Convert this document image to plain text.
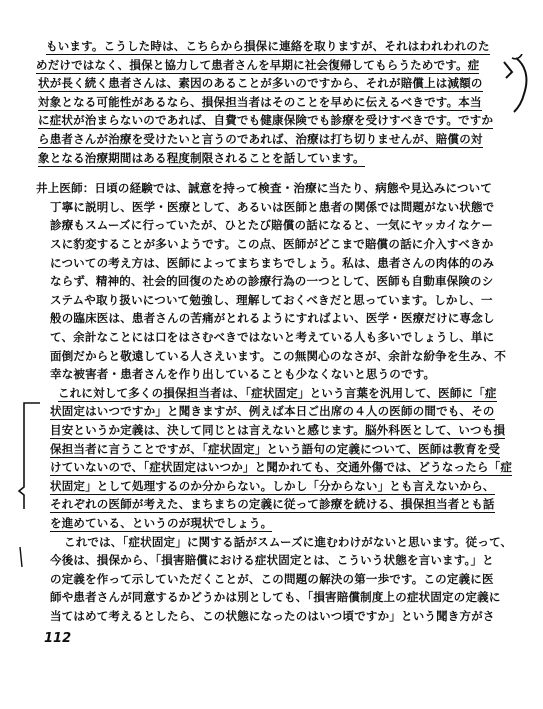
もいます。こうした時は、こちらから損保に連絡を取りますが、それはわれわれのた
めだけではなく、損保と協力して患者さんを早期に社会復帰してもらうためです。症
状が長く続く患者さんは、素因のあることが多いのですから、それが賠償上は減額の
対象となる可能性があるなら、損保担当者はそのことを早めに伝えるべきです。本当
に症状が治まらないのであれば、自費でも健康保険でも診療を受けすべきです。ですか
ら患者さんが治療を受けたいと言うのであれば、治療は打ち切りませんが、賠償の対
象となる治療期間はある程度制限されることを話しています。
井上医師：日頃の経験では、誠意を持って検査・治療に当たり、病態や見込みについて
丁寧に説明し、医学・医療として、あるいは医師と患者の関係では問題がない状態で
診療もスムーズに行っていたが、ひとたび賠償の話になると、一気にヤッカイなケー
スに豹変することが多いようです。この点、医師がどこまで賠償の話に介入すべきか
についての考え方は、医師によってまちまちでしょう。私は、患者さんの肉体的のみ
ならず、精神的、社会的回復のための診療行為の一つとして、医師も自動車保険のシ
ステムや取り扱いについて勉強し、理解しておくべきだと思っています。しかし、一
般の臨床医は、患者さんの苦痛がとれるようにすればよい、医学・医療だけに専念し
て、余計なことには口をはさむべきではないと考えている人も多いでしょうし、単に
面倒だからと敬遠している人さえいます。この無関心のなさが、余計な紛争を生み、不
幸な被害者・患者さんを作り出していることも少なくないと思うのです。
これに対して多くの損保担当者は、「症状固定」という言葉を汎用して、医師に「症
状固定はいつですか」と聞きますが、例えば本日ご出席の４人の医師の間でも、その
目安というか定義は、決して同じとは言えないと感じます。脳外科医として、いつも損
保担当者に言うことですが、「症状固定」という語句の定義について、医師は教育を受
けていないので、「症状固定はいつか」と聞かれても、交通外傷では、どうなったら「症
状固定」として処理するのか分からない。しかし「分からない」とも言えないから、
それぞれの医師が考えた、まちまちの定義に従って診療を続ける、損保担当者とも話
を進めている、というのが現状でしょう。
これでは、「症状固定」に関する話がスムーズに進むわけがないと思います。従って、
今後は、損保から、「損害賠償における症状固定とは、こういう状態を言います。」と
の定義を作って示していただくことが、この問題の解決の第一歩です。この定義に医
師や患者さんが同意するかどうかは別としても、「損害賠償制度上の症状固定の定義に
当てはめて考えるとしたら、この状態になったのはいつ頃ですか」という聞き方がさ
112
